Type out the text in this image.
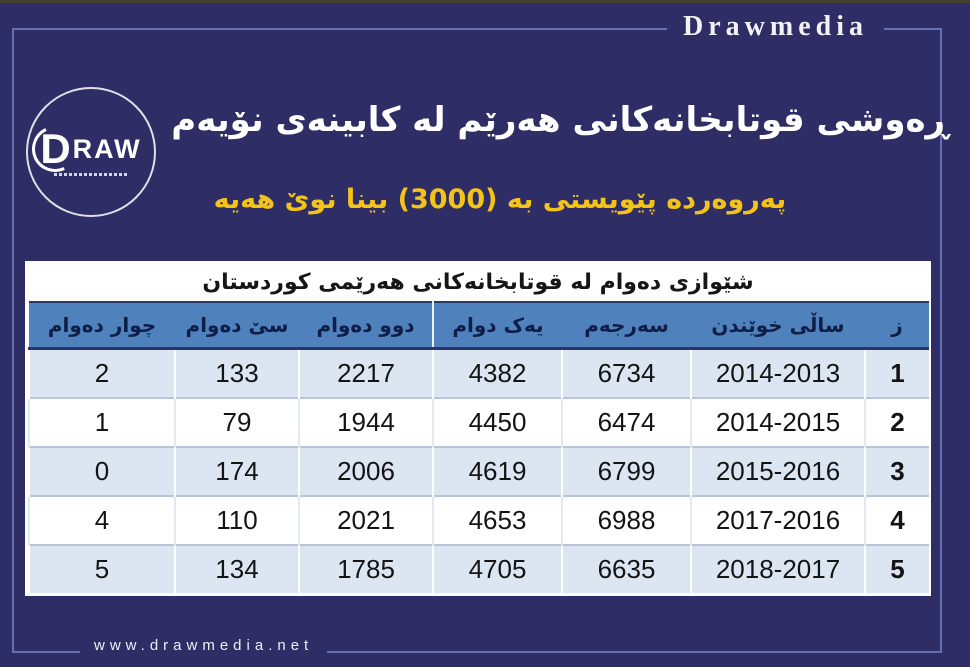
Drawmedia
D RAW
ڕەوشی قوتابخانەکانی هەرێم لە کابینەی نۆیەم
پەروەردە پێویستی بە (3000) بینا نوێ هەیە
شێوازی دەوام لە قوتابخانەکانی هەرێمی کوردستان
ز	ساڵی خوێندن	سەرجەم	یەک دوام	دوو دەوام	سێ دەوام	چوار دەوام
1	2014-2013	6734	4382	2217	133	2
2	2014-2015	6474	4450	1944	79	1
3	2015-2016	6799	4619	2006	174	0
4	2017-2016	6988	4653	2021	110	4
5	2018-2017	6635	4705	1785	134	5
www.drawmedia.net
